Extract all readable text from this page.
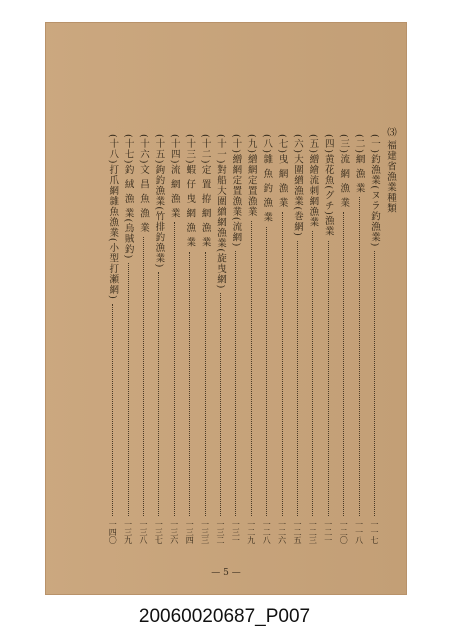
— 5 —
⑶
福建省漁業種類
(一)釣漁業(ヌラ釣漁業)
一一七
(二)網 漁 業
一一八
(三)流 網 漁 業
一二〇
(四)黄花魚(グチ)漁業
一二一
(五)繒繪流刺網漁業
一二三
(六)大圍繒漁業(巻網)
一二五
(七)曳 網 漁 業
一二六
(八)雜 魚 釣 漁 業
一二八
(九)繒網定置漁業
一二九
(十)繒網定置漁業(流網)
一三一
(十一)對船大圍繒網漁業(旋曳網)
一三二
(十二)定 置 拵 網 漁 業
一三三
(十三)蝦 仔 曳 網 漁 業
一三四
(十四)流 網 漁 業
一三六
(十五)鉤釣漁業(竹排釣漁業)
一三七
(十六)文 昌 魚 漁 業
一三八
(十七)釣 絨 漁 業(烏賊釣)
一三九
(十八)打爪網雜魚漁業(小型打瀬網)
一四〇
20060020687_P007
